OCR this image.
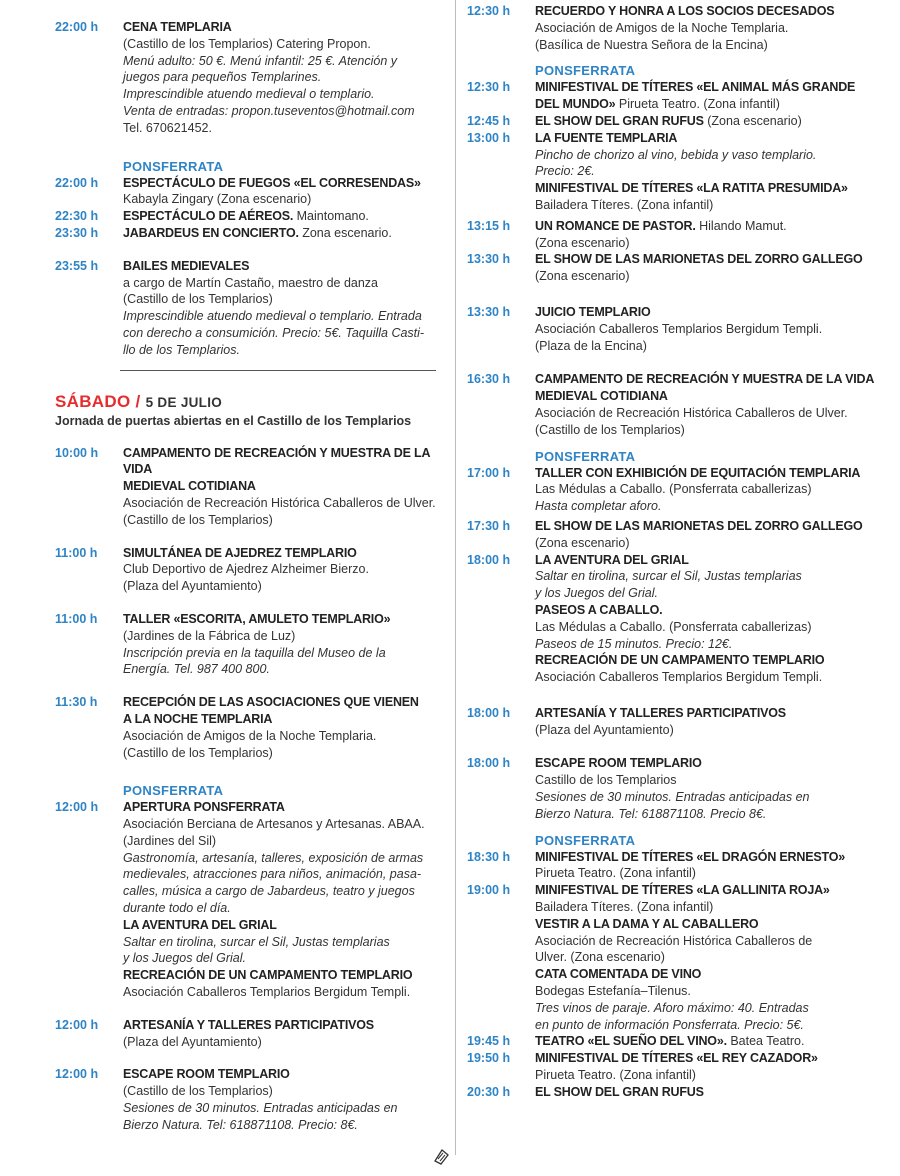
22:00 h	CENA TEMPLARIA
(Castillo de los Templarios) Catering Propon.
Menú adulto: 50 €. Menú infantil: 25 €. Atención y
juegos para pequeños Templarines.
Imprescindible atuendo medieval o templario.
Venta de entradas: propon.tuseventos@hotmail.com
Tel. 670621452.
PONSFERRATA
22:00 h	ESPECTÁCULO DE FUEGOS «EL CORRESENDAS»
Kabayla Zingary (Zona escenario)
22:30 h	ESPECTÁCULO DE AÉREOS. Maintomano.
23:30 h	JABARDEUS EN CONCIERTO. Zona escenario.
23:55 h	BAILES MEDIEVALES
a cargo de Martín Castaño, maestro de danza
(Castillo de los Templarios)
Imprescindible atuendo medieval o templario. Entrada
con derecho a consumición. Precio: 5€. Taquilla Casti-
llo de los Templarios.
SÁBADO / 5 DE JULIO
Jornada de puertas abiertas en el Castillo de los Templarios
10:00 h	CAMPAMENTO DE RECREACIÓN Y MUESTRA DE LA VIDA
MEDIEVAL COTIDIANA
Asociación de Recreación Histórica Caballeros de Ulver.
(Castillo de los Templarios)
11:00 h	SIMULTÁNEA DE AJEDREZ TEMPLARIO
Club Deportivo de Ajedrez Alzheimer Bierzo.
(Plaza del Ayuntamiento)
11:00 h	TALLER «ESCORITA, AMULETO TEMPLARIO»
(Jardines de la Fábrica de Luz)
Inscripción previa en la taquilla del Museo de la
Energía. Tel. 987 400 800.
11:30 h	RECEPCIÓN DE LAS ASOCIACIONES QUE VIENEN
A LA NOCHE TEMPLARIA
Asociación de Amigos de la Noche Templaria.
(Castillo de los Templarios)
PONSFERRATA
12:00 h	APERTURA PONSFERRATA
Asociación Berciana de Artesanos y Artesanas. ABAA.
(Jardines del Sil)
Gastronomía, artesanía, talleres, exposición de armas
medievales, atracciones para niños, animación, pasa-
calles, música a cargo de Jabardeus, teatro y juegos
durante todo el día.
LA AVENTURA DEL GRIAL
Saltar en tirolina, surcar el Sil, Justas templarias
y los Juegos del Grial.
RECREACIÓN DE UN CAMPAMENTO TEMPLARIO
Asociación Caballeros Templarios Bergidum Templi.
12:00 h	ARTESANÍA Y TALLERES PARTICIPATIVOS
(Plaza del Ayuntamiento)
12:00 h	ESCAPE ROOM TEMPLARIO
(Castillo de los Templarios)
Sesiones de 30 minutos. Entradas anticipadas en
Bierzo Natura. Tel: 618871108. Precio: 8€.
12:30 h	RECUERDO Y HONRA A LOS SOCIOS DECESADOS
Asociación de Amigos de la Noche Templaria.
(Basílica de Nuestra Señora de la Encina)
PONSFERRATA
12:30 h	MINIFESTIVAL DE TÍTERES «EL ANIMAL MÁS GRANDE
DEL MUNDO» Pirueta Teatro. (Zona infantil)
12:45 h	EL SHOW DEL GRAN RUFUS (Zona escenario)
13:00 h	LA FUENTE TEMPLARIA
Pincho de chorizo al vino, bebida y vaso templario.
Precio: 2€.
MINIFESTIVAL DE TÍTERES «LA RATITA PRESUMIDA»
Bailadera Títeres. (Zona infantil)
13:15 h	UN ROMANCE DE PASTOR. Hilando Mamut.
(Zona escenario)
13:30 h	EL SHOW DE LAS MARIONETAS DEL ZORRO GALLEGO
(Zona escenario)
13:30 h	JUICIO TEMPLARIO
Asociación Caballeros Templarios Bergidum Templi.
(Plaza de la Encina)
16:30 h	CAMPAMENTO DE RECREACIÓN Y MUESTRA DE LA VIDA
MEDIEVAL COTIDIANA
Asociación de Recreación Histórica Caballeros de Ulver.
(Castillo de los Templarios)
PONSFERRATA
17:00 h	TALLER CON EXHIBICIÓN DE EQUITACIÓN TEMPLARIA
Las Médulas a Caballo. (Ponsferrata caballerizas)
Hasta completar aforo.
17:30 h	EL SHOW DE LAS MARIONETAS DEL ZORRO GALLEGO
(Zona escenario)
18:00 h	LA AVENTURA DEL GRIAL
Saltar en tirolina, surcar el Sil, Justas templarias
y los Juegos del Grial.
PASEOS A CABALLO.
Las Médulas a Caballo. (Ponsferrata caballerizas)
Paseos de 15 minutos. Precio: 12€.
RECREACIÓN DE UN CAMPAMENTO TEMPLARIO
Asociación Caballeros Templarios Bergidum Templi.
18:00 h	ARTESANÍA Y TALLERES PARTICIPATIVOS
(Plaza del Ayuntamiento)
18:00 h	ESCAPE ROOM TEMPLARIO
Castillo de los Templarios
Sesiones de 30 minutos. Entradas anticipadas en
Bierzo Natura. Tel: 618871108. Precio 8€.
PONSFERRATA
18:30 h	MINIFESTIVAL DE TÍTERES «EL DRAGÓN ERNESTO»
Pirueta Teatro. (Zona infantil)
19:00 h	MINIFESTIVAL DE TÍTERES «LA GALLINITA ROJA»
Bailadera Títeres. (Zona infantil)
VESTIR A LA DAMA Y AL CABALLERO
Asociación de Recreación Histórica Caballeros de
Ulver. (Zona escenario)
CATA COMENTADA DE VINO
Bodegas Estefanía–Tilenus.
Tres vinos de paraje. Aforo máximo: 40. Entradas
en punto de información Ponsferrata. Precio: 5€.
19:45 h	TEATRO «EL SUEÑO DEL VINO». Batea Teatro.
19:50 h	MINIFESTIVAL DE TÍTERES «EL REY CAZADOR»
Pirueta Teatro. (Zona infantil)
20:30 h	EL SHOW DEL GRAN RUFUS
